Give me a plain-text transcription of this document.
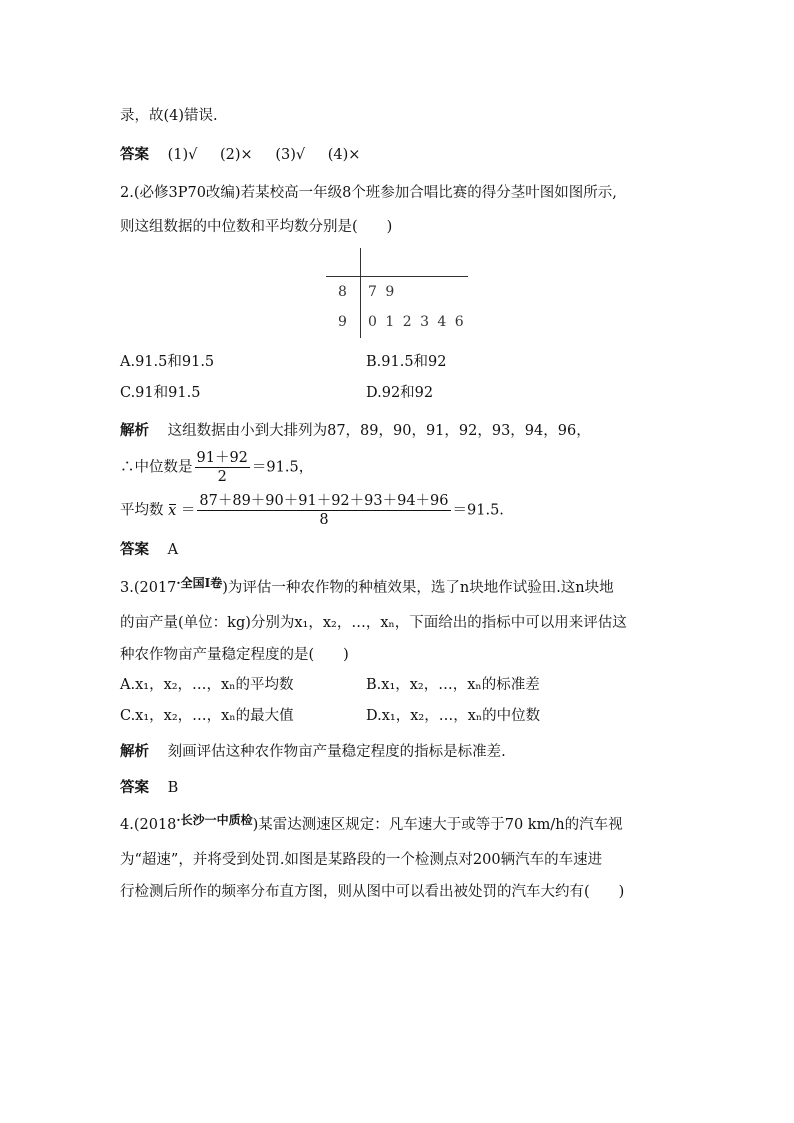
录，故(4)错误.
答案 (1)√ (2)× (3)√ (4)×
2.(必修3P70改编)若某校高一年级8个班参加合唱比赛的得分茎叶图如图所示,
则这组数据的中位数和平均数分别是(　　)
8 7 9
9 0 1 2 3 4 6
A.91.5和91.5	B.91.5和92
C.91和91.5	D.92和92
解析 这组数据由小到大排列为87，89，90，91，92，93，94，96，
∴中位数是 $\frac{91+92}{2} =91.5$，
平均数 $x = \frac{87+89+90+91+92+93+94+96}{8} =91.5$.
答案 A
$3.(2017^{\cdot 全国Ⅰ卷})$为评估一种农作物的种植效果，选了n块地作试验田.这n块地
的亩产量(单位：kg)分别为x₁，x₂，…，xₙ，下面给出的指标中可以用来评估这
种农作物亩产量稳定程度的是(　　)
A.x₁，x₂，…，xₙ的平均数	B.x₁，x₂，…，xₙ的标准差
C.x₁，x₂，…，xₙ的最大值	D.x₁，x₂，…，xₙ的中位数
解析 刻画评估这种农作物亩产量稳定程度的指标是标准差.
答案 B
$4.(2018^{\cdot 长沙一中质检})$某雷达测速区规定：凡车速大于或等于70 km/h的汽车视
为“超速”，并将受到处罚.如图是某路段的一个检测点对200辆汽车的车速进
行检测后所作的频率分布直方图，则从图中可以看出被处罚的汽车大约有(　　)
